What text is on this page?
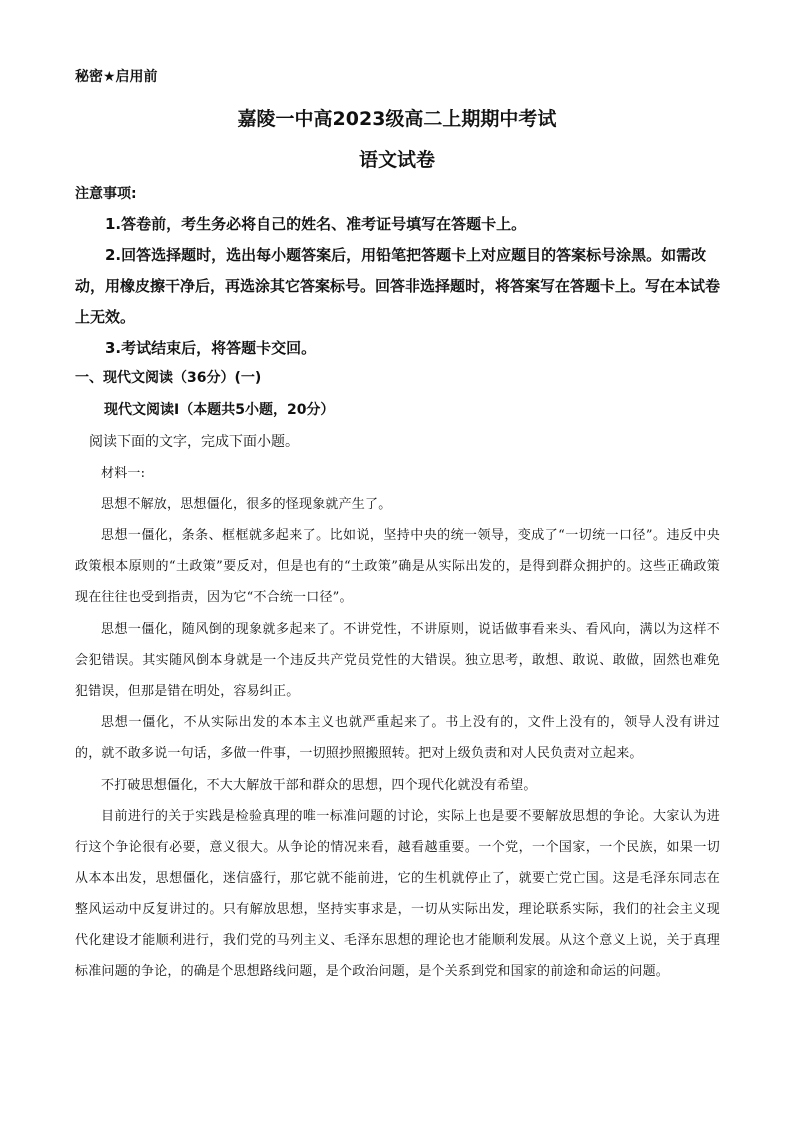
秘密★启用前
嘉陵一中高2023级高二上期期中考试
语文试卷
注意事项:
1.答卷前，考生务必将自己的姓名、准考证号填写在答题卡上。
2.回答选择题时，选出每小题答案后，用铅笔把答题卡上对应题目的答案标号涂黑。如需改动，用橡皮擦干净后，再选涂其它答案标号。回答非选择题时，将答案写在答题卡上。写在本试卷上无效。
3.考试结束后，将答题卡交回。
一、现代文阅读（36分）(一)
现代文阅读Ⅰ（本题共5小题，20分）
阅读下面的文字，完成下面小题。
材料一:
思想不解放，思想僵化，很多的怪现象就产生了。
思想一僵化，条条、框框就多起来了。比如说，坚持中央的统一领导，变成了“一切统一口径”。违反中央政策根本原则的“土政策”要反对，但是也有的“土政策”确是从实际出发的，是得到群众拥护的。这些正确政策现在往往也受到指责，因为它“不合统一口径”。
思想一僵化，随风倒的现象就多起来了。不讲党性，不讲原则，说话做事看来头、看风向，满以为这样不会犯错误。其实随风倒本身就是一个违反共产党员党性的大错误。独立思考，敢想、敢说、敢做，固然也难免犯错误，但那是错在明处，容易纠正。
思想一僵化，不从实际出发的本本主义也就严重起来了。书上没有的，文件上没有的，领导人没有讲过的，就不敢多说一句话，多做一件事，一切照抄照搬照转。把对上级负责和对人民负责对立起来。
不打破思想僵化，不大大解放干部和群众的思想，四个现代化就没有希望。
目前进行的关于实践是检验真理的唯一标准问题的讨论，实际上也是要不要解放思想的争论。大家认为进行这个争论很有必要，意义很大。从争论的情况来看，越看越重要。一个党，一个国家，一个民族，如果一切从本本出发，思想僵化，迷信盛行，那它就不能前进，它的生机就停止了，就要亡党亡国。这是毛泽东同志在整风运动中反复讲过的。只有解放思想，坚持实事求是，一切从实际出发，理论联系实际，我们的社会主义现代化建设才能顺利进行，我们党的马列主义、毛泽东思想的理论也才能顺利发展。从这个意义上说，关于真理标准问题的争论，的确是个思想路线问题，是个政治问题，是个关系到党和国家的前途和命运的问题。
